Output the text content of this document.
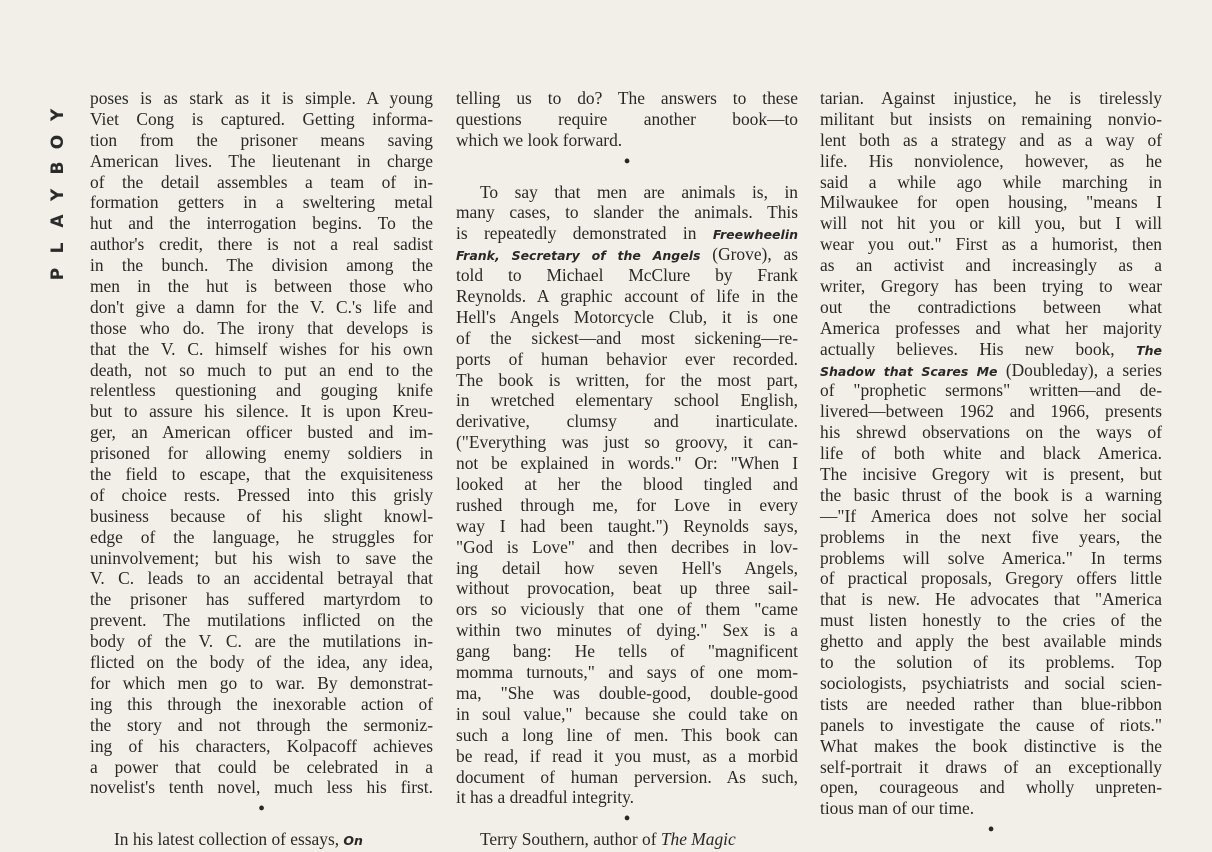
P
L
A
Y
B
O
Y
poses is as stark as it is simple. A young
Viet Cong is captured. Getting informa-
tion from the prisoner means saving
American lives. The lieutenant in charge
of the detail assembles a team of in-
formation getters in a sweltering metal
hut and the interrogation begins. To the
author's credit, there is not a real sadist
in the bunch. The division among the
men in the hut is between those who
don't give a damn for the V. C.'s life and
those who do. The irony that develops is
that the V. C. himself wishes for his own
death, not so much to put an end to the
relentless questioning and gouging knife
but to assure his silence. It is upon Kreu-
ger, an American officer busted and im-
prisoned for allowing enemy soldiers in
the field to escape, that the exquisiteness
of choice rests. Pressed into this grisly
business because of his slight knowl-
edge of the language, he struggles for
uninvolvement; but his wish to save the
V. C. leads to an accidental betrayal that
the prisoner has suffered martyrdom to
prevent. The mutilations inflicted on the
body of the V. C. are the mutilations in-
flicted on the body of the idea, any idea,
for which men go to war. By demonstrat-
ing this through the inexorable action of
the story and not through the sermoniz-
ing of his characters, Kolpacoff achieves
a power that could be celebrated in a
novelist's tenth novel, much less his first.
•
In his latest collection of essays, On
telling us to do? The answers to these
questions require another book—to
which we look forward.
•
To say that men are animals is, in
many cases, to slander the animals. This
is repeatedly demonstrated in Freewheelin
Frank, Secretary of the Angels (Grove), as
told to Michael McClure by Frank
Reynolds. A graphic account of life in the
Hell's Angels Motorcycle Club, it is one
of the sickest—and most sickening—re-
ports of human behavior ever recorded.
The book is written, for the most part,
in wretched elementary school English,
derivative, clumsy and inarticulate.
("Everything was just so groovy, it can-
not be explained in words." Or: "When I
looked at her the blood tingled and
rushed through me, for Love in every
way I had been taught.") Reynolds says,
"God is Love" and then decribes in lov-
ing detail how seven Hell's Angels,
without provocation, beat up three sail-
ors so viciously that one of them "came
within two minutes of dying." Sex is a
gang bang: He tells of "magnificent
momma turnouts," and says of one mom-
ma, "She was double-good, double-good
in soul value," because she could take on
such a long line of men. This book can
be read, if read it you must, as a morbid
document of human perversion. As such,
it has a dreadful integrity.
•
Terry Southern, author of The Magic
tarian. Against injustice, he is tirelessly
militant but insists on remaining nonvio-
lent both as a strategy and as a way of
life. His nonviolence, however, as he
said a while ago while marching in
Milwaukee for open housing, "means I
will not hit you or kill you, but I will
wear you out." First as a humorist, then
as an activist and increasingly as a
writer, Gregory has been trying to wear
out the contradictions between what
America professes and what her majority
actually believes. His new book, The
Shadow that Scares Me (Doubleday), a series
of "prophetic sermons" written—and de-
livered—between 1962 and 1966, presents
his shrewd observations on the ways of
life of both white and black America.
The incisive Gregory wit is present, but
the basic thrust of the book is a warning
—"If America does not solve her social
problems in the next five years, the
problems will solve America." In terms
of practical proposals, Gregory offers little
that is new. He advocates that "America
must listen honestly to the cries of the
ghetto and apply the best available minds
to the solution of its problems. Top
sociologists, psychiatrists and social scien-
tists are needed rather than blue-ribbon
panels to investigate the cause of riots."
What makes the book distinctive is the
self-portrait it draws of an exceptionally
open, courageous and wholly unpreten-
tious man of our time.
•
